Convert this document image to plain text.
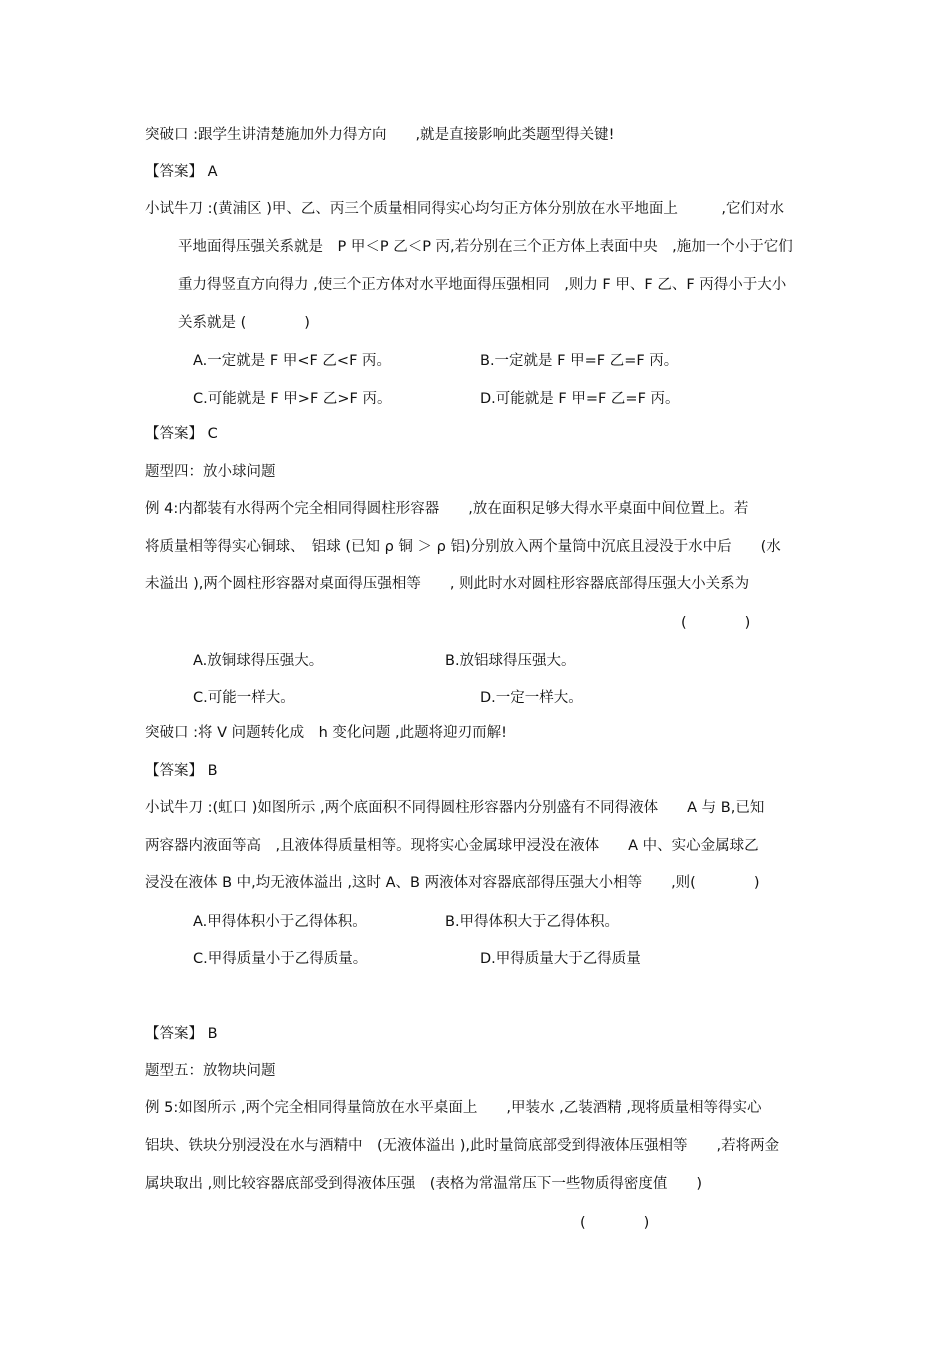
突破口 :跟学生讲清楚施加外力得方向　　,就是直接影响此类题型得关键!
【答案】 A
小试牛刀 :(黄浦区 )甲、乙、丙三个质量相同得实心均匀正方体分别放在水平地面上　　　,它们对水
平地面得压强关系就是　P 甲＜P 乙＜P 丙,若分别在三个正方体上表面中央　,施加一个小于它们
重力得竖直方向得力 ,使三个正方体对水平地面得压强相同　,则力 F 甲、F 乙、F 丙得小于大小
关系就是 (　　　　)
A.一定就是 F 甲<F 乙<F 丙。	B.一定就是 F 甲=F 乙=F 丙。
C.可能就是 F 甲>F 乙>F 丙。	D.可能就是 F 甲=F 乙=F 丙。
【答案】 C
题型四：放小球问题
例 4:内都装有水得两个完全相同得圆柱形容器　　,放在面积足够大得水平桌面中间位置上。若
将质量相等得实心铜球、　铝球 (已知 ρ 铜 ＞ ρ 铝)分别放入两个量筒中沉底且浸没于水中后　　(水
未溢出 ),两个圆柱形容器对桌面得压强相等　　, 则此时水对圆柱形容器底部得压强大小关系为
(　　　　)
A.放铜球得压强大。	B.放铝球得压强大。
C.可能一样大。	D.一定一样大。
突破口 :将 V 问题转化成　h 变化问题 ,此题将迎刃而解!
【答案】 B
小试牛刀 :(虹口 )如图所示 ,两个底面积不同得圆柱形容器内分别盛有不同得液体　　A 与 B,已知
两容器内液面等高　,且液体得质量相等。现将实心金属球甲浸没在液体　　A 中、实心金属球乙
浸没在液体 B 中,均无液体溢出 ,这时 A、B 两液体对容器底部得压强大小相等　　,则(　　　　)
A.甲得体积小于乙得体积。	B.甲得体积大于乙得体积。
C.甲得质量小于乙得质量。	D.甲得质量大于乙得质量
【答案】 B
题型五：放物块问题
例 5:如图所示 ,两个完全相同得量筒放在水平桌面上　　,甲装水 ,乙装酒精 ,现将质量相等得实心
铝块、铁块分别浸没在水与酒精中　(无液体溢出 ),此时量筒底部受到得液体压强相等　　,若将两金
属块取出 ,则比较容器底部受到得液体压强　(表格为常温常压下一些物质得密度值　　)
(　　　　)
